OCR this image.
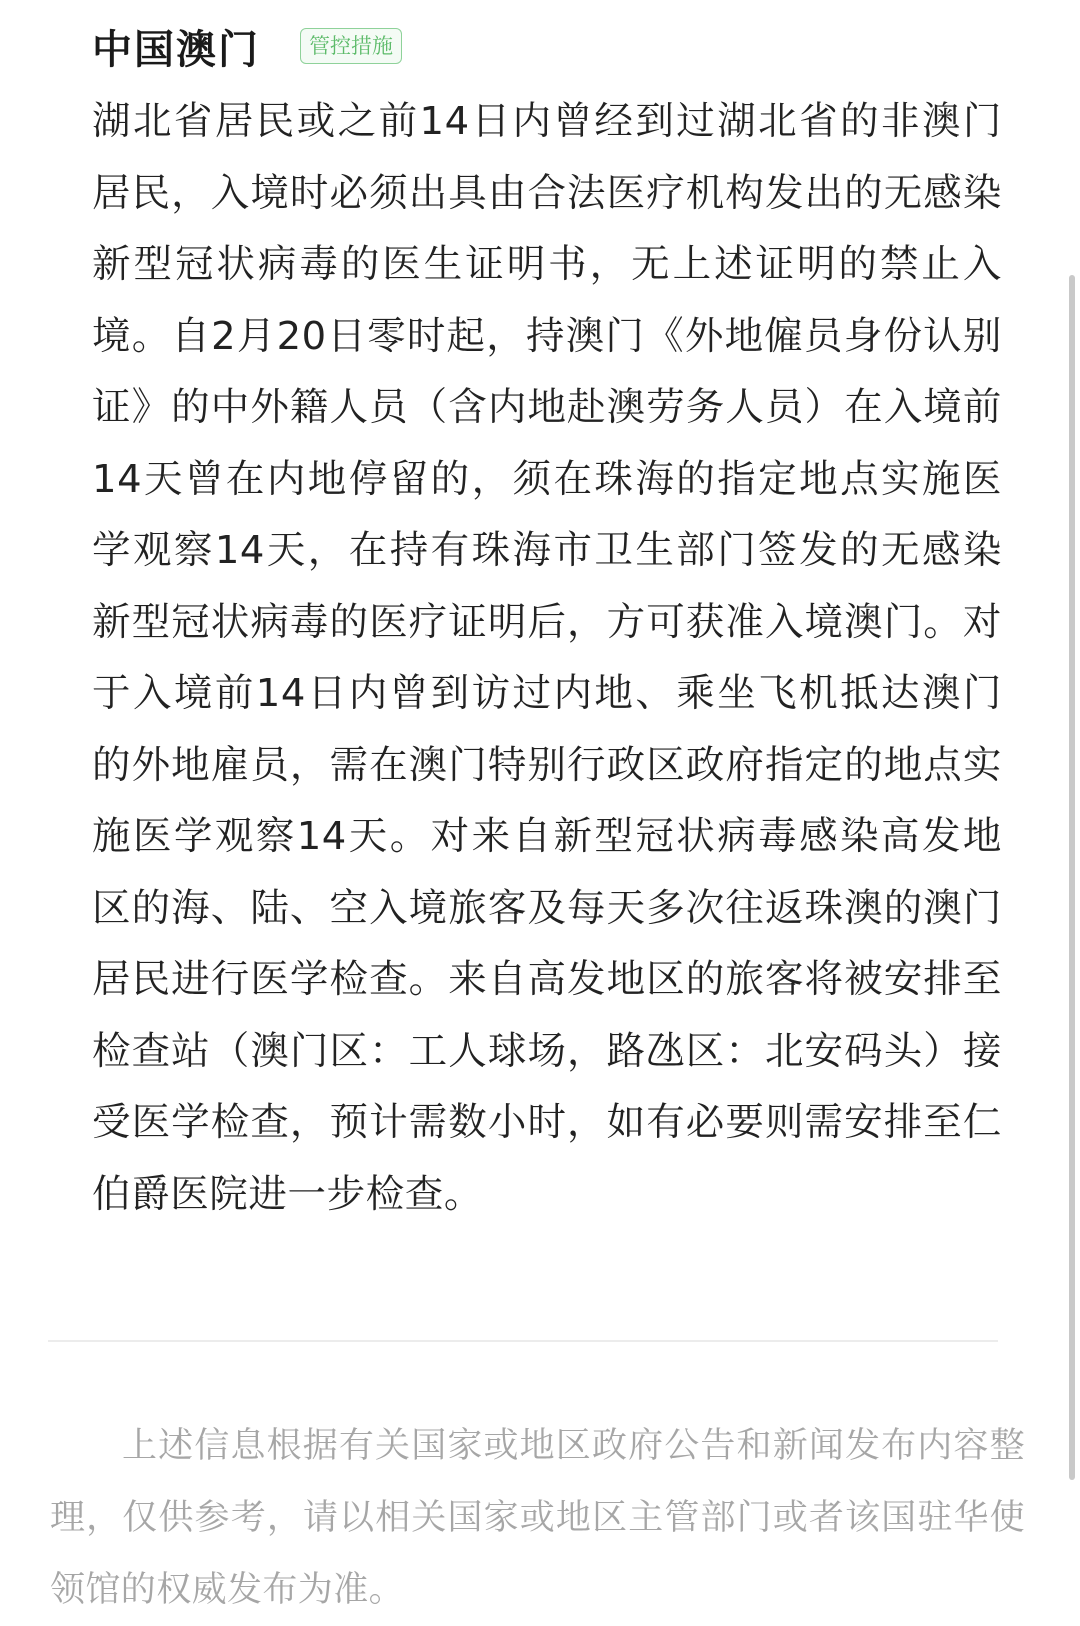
中国澳门	管控措施

湖北省居民或之前14日内曾经到过湖北省的非澳门居民，入境时必须出具由合法医疗机构发出的无感染新型冠状病毒的医生证明书，无上述证明的禁止入境。自2月20日零时起，持澳门《外地僱员身份认别证》的中外籍人员（含内地赴澳劳务人员）在入境前14天曾在内地停留的，须在珠海的指定地点实施医学观察14天，在持有珠海市卫生部门签发的无感染新型冠状病毒的医疗证明后，方可获准入境澳门。对于入境前14日内曾到访过内地、乘坐飞机抵达澳门的外地雇员，需在澳门特别行政区政府指定的地点实施医学观察14天。对来自新型冠状病毒感染高发地区的海、陆、空入境旅客及每天多次往返珠澳的澳门居民进行医学检查。来自高发地区的旅客将被安排至检查站（澳门区：工人球场，路氹区：北安码头）接受医学检查，预计需数小时，如有必要则需安排至仁伯爵医院进一步检查。

上述信息根据有关国家或地区政府公告和新闻发布内容整理，仅供参考，请以相关国家或地区主管部门或者该国驻华使领馆的权威发布为准。
